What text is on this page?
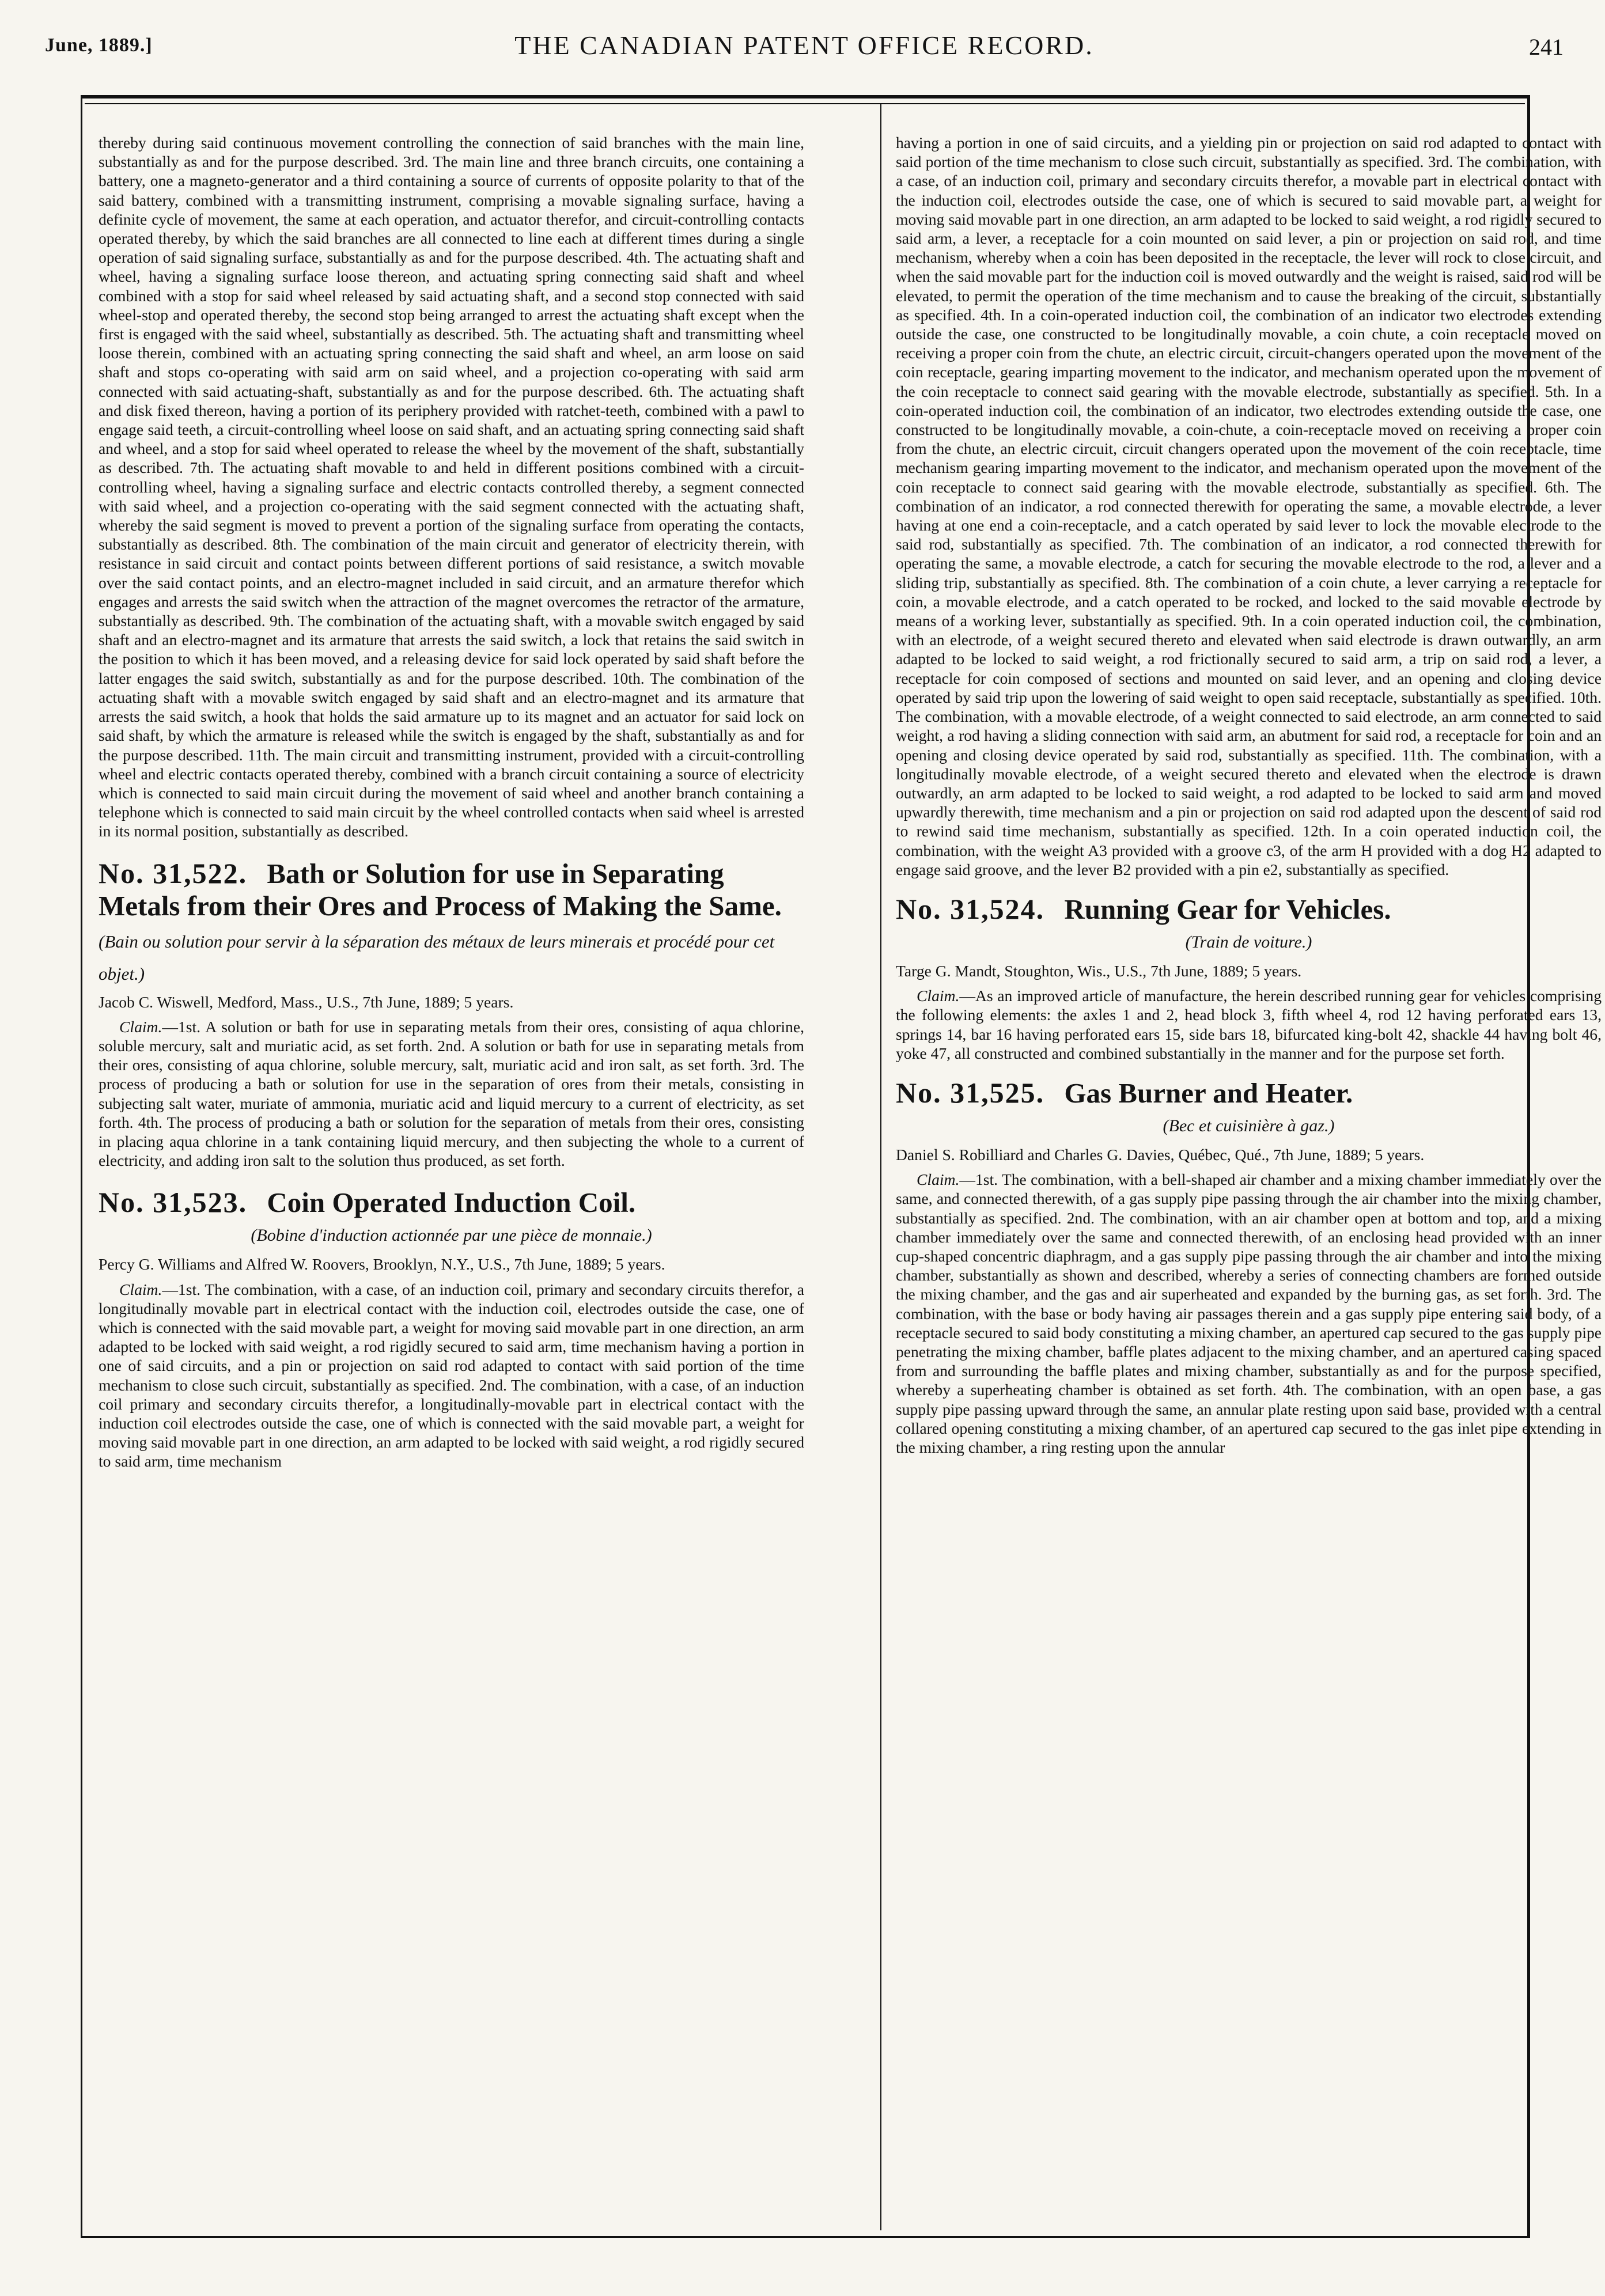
June, 1889.]	THE CANADIAN PATENT OFFICE RECORD.	241

thereby during said continuous movement controlling the connection of said branches with the main line, substantially as and for the purpose described. 3rd. The main line and three branch circuits, one containing a battery, one a magneto-generator and a third containing a source of currents of opposite polarity to that of the said battery, combined with a transmitting instrument, comprising a movable signaling surface, having a definite cycle of movement, the same at each operation, and actuator therefor, and circuit-controlling contacts operated thereby, by which the said branches are all connected to line each at different times during a single operation of said signaling surface, substantially as and for the purpose described. 4th. The actuating shaft and wheel, having a signaling surface loose thereon, and actuating spring connecting said shaft and wheel combined with a stop for said wheel released by said actuating shaft, and a second stop connected with said wheel-stop and operated thereby, the second stop being arranged to arrest the actuating shaft except when the first is engaged with the said wheel, substantially as described. 5th. The actuating shaft and transmitting wheel loose therein, combined with an actuating spring connecting the said shaft and wheel, an arm loose on said shaft and stops co-operating with said arm on said wheel, and a projection co-operating with said arm connected with said actuating-shaft, substantially as and for the purpose described. 6th. The actuating shaft and disk fixed thereon, having a portion of its periphery provided with ratchet-teeth, combined with a pawl to engage said teeth, a circuit-controlling wheel loose on said shaft, and an actuating spring connecting said shaft and wheel, and a stop for said wheel operated to release the wheel by the movement of the shaft, substantially as described. 7th. The actuating shaft movable to and held in different positions combined with a circuit-controlling wheel, having a signaling surface and electric contacts controlled thereby, a segment connected with said wheel, and a projection co-operating with the said segment connected with the actuating shaft, whereby the said segment is moved to prevent a portion of the signaling surface from operating the contacts, substantially as described. 8th. The combination of the main circuit and generator of electricity therein, with resistance in said circuit and contact points between different portions of said resistance, a switch movable over the said contact points, and an electro-magnet included in said circuit, and an armature therefor which engages and arrests the said switch when the attraction of the magnet overcomes the retractor of the armature, substantially as described. 9th. The combination of the actuating shaft, with a movable switch engaged by said shaft and an electro-magnet and its armature that arrests the said switch, a lock that retains the said switch in the position to which it has been moved, and a releasing device for said lock operated by said shaft before the latter engages the said switch, substantially as and for the purpose described. 10th. The combination of the actuating shaft with a movable switch engaged by said shaft and an electro-magnet and its armature that arrests the said switch, a hook that holds the said armature up to its magnet and an actuator for said lock on said shaft, by which the armature is released while the switch is engaged by the shaft, substantially as and for the purpose described. 11th. The main circuit and transmitting instrument, provided with a circuit-controlling wheel and electric contacts operated thereby, combined with a branch circuit containing a source of electricity which is connected to said main circuit during the movement of said wheel and another branch containing a telephone which is connected to said main circuit by the wheel controlled contacts when said wheel is arrested in its normal position, substantially as described.

No. 31,522. Bath or Solution for use in Separating Metals from their Ores and Process of Making the Same. (Bain ou solution pour servir à la séparation des métaux de leurs minerais et procédé pour cet objet.)

Jacob C. Wiswell, Medford, Mass., U.S., 7th June, 1889; 5 years.

Claim.—1st. A solution or bath for use in separating metals from their ores, consisting of aqua chlorine, soluble mercury, salt and muriatic acid, as set forth. 2nd. A solution or bath for use in separating metals from their ores, consisting of aqua chlorine, soluble mercury, salt, muriatic acid and iron salt, as set forth. 3rd. The process of producing a bath or solution for use in the separation of ores from their metals, consisting in subjecting salt water, muriate of ammonia, muriatic acid and liquid mercury to a current of electricity, as set forth. 4th. The process of producing a bath or solution for the separation of metals from their ores, consisting in placing aqua chlorine in a tank containing liquid mercury, and then subjecting the whole to a current of electricity, and adding iron salt to the solution thus produced, as set forth.

No. 31,523. Coin Operated Induction Coil.

(Bobine d'induction actionnée par une pièce de monnaie.)

Percy G. Williams and Alfred W. Roovers, Brooklyn, N.Y., U.S., 7th June, 1889; 5 years.

Claim.—1st. The combination, with a case, of an induction coil, primary and secondary circuits therefor, a longitudinally movable part in electrical contact with the induction coil, electrodes outside the case, one of which is connected with the said movable part, a weight for moving said movable part in one direction, an arm adapted to be locked with said weight, a rod rigidly secured to said arm, time mechanism having a portion in one of said circuits, and a pin or projection on said rod adapted to contact with said portion of the time mechanism to close such circuit, substantially as specified. 2nd. The combination, with a case, of an induction coil primary and secondary circuits therefor, a longitudinally-movable part in electrical contact with the induction coil electrodes outside the case, one of which is connected with the said movable part, a weight for moving said movable part in one direction, an arm adapted to be locked with said weight, a rod rigidly secured to said arm, time mechanism

having a portion in one of said circuits, and a yielding pin or projection on said rod adapted to contact with said portion of the time mechanism to close such circuit, substantially as specified. 3rd. The combination, with a case, of an induction coil, primary and secondary circuits therefor, a movable part in electrical contact with the induction coil, electrodes outside the case, one of which is secured to said movable part, a weight for moving said movable part in one direction, an arm adapted to be locked to said weight, a rod rigidly secured to said arm, a lever, a receptacle for a coin mounted on said lever, a pin or projection on said rod, and time mechanism, whereby when a coin has been deposited in the receptacle, the lever will rock to close circuit, and when the said movable part for the induction coil is moved outwardly and the weight is raised, said rod will be elevated, to permit the operation of the time mechanism and to cause the breaking of the circuit, substantially as specified. 4th. In a coin-operated induction coil, the combination of an indicator two electrodes extending outside the case, one constructed to be longitudinally movable, a coin chute, a coin receptacle moved on receiving a proper coin from the chute, an electric circuit, circuit-changers operated upon the movement of the coin receptacle, gearing imparting movement to the indicator, and mechanism operated upon the movement of the coin receptacle to connect said gearing with the movable electrode, substantially as specified. 5th. In a coin-operated induction coil, the combination of an indicator, two electrodes extending outside the case, one constructed to be longitudinally movable, a coin-chute, a coin-receptacle moved on receiving a proper coin from the chute, an electric circuit, circuit changers operated upon the movement of the coin receptacle, time mechanism gearing imparting movement to the indicator, and mechanism operated upon the movement of the coin receptacle to connect said gearing with the movable electrode, substantially as specified. 6th. The combination of an indicator, a rod connected therewith for operating the same, a movable electrode, a lever having at one end a coin-receptacle, and a catch operated by said lever to lock the movable electrode to the said rod, substantially as specified. 7th. The combination of an indicator, a rod connected therewith for operating the same, a movable electrode, a catch for securing the movable electrode to the rod, a lever and a sliding trip, substantially as specified. 8th. The combination of a coin chute, a lever carrying a receptacle for coin, a movable electrode, and a catch operated to be rocked, and locked to the said movable electrode by means of a working lever, substantially as specified. 9th. In a coin operated induction coil, the combination, with an electrode, of a weight secured thereto and elevated when said electrode is drawn outwardly, an arm adapted to be locked to said weight, a rod frictionally secured to said arm, a trip on said rod, a lever, a receptacle for coin composed of sections and mounted on said lever, and an opening and closing device operated by said trip upon the lowering of said weight to open said receptacle, substantially as specified. 10th. The combination, with a movable electrode, of a weight connected to said electrode, an arm connected to said weight, a rod having a sliding connection with said arm, an abutment for said rod, a receptacle for coin and an opening and closing device operated by said rod, substantially as specified. 11th. The combination, with a longitudinally movable electrode, of a weight secured thereto and elevated when the electrode is drawn outwardly, an arm adapted to be locked to said weight, a rod adapted to be locked to said arm and moved upwardly therewith, time mechanism and a pin or projection on said rod adapted upon the descent of said rod to rewind said time mechanism, substantially as specified. 12th. In a coin operated induction coil, the combination, with the weight A3 provided with a groove c3, of the arm H provided with a dog H2 adapted to engage said groove, and the lever B2 provided with a pin e2, substantially as specified.

No. 31,524. Running Gear for Vehicles.

(Train de voiture.)

Targe G. Mandt, Stoughton, Wis., U.S., 7th June, 1889; 5 years.

Claim.—As an improved article of manufacture, the herein described running gear for vehicles comprising the following elements: the axles 1 and 2, head block 3, fifth wheel 4, rod 12 having perforated ears 13, springs 14, bar 16 having perforated ears 15, side bars 18, bifurcated king-bolt 42, shackle 44 having bolt 46, yoke 47, all constructed and combined substantially in the manner and for the purpose set forth.

No. 31,525. Gas Burner and Heater.

(Bec et cuisinière à gaz.)

Daniel S. Robilliard and Charles G. Davies, Québec, Qué., 7th June, 1889; 5 years.

Claim.—1st. The combination, with a bell-shaped air chamber and a mixing chamber immediately over the same, and connected therewith, of a gas supply pipe passing through the air chamber into the mixing chamber, substantially as specified. 2nd. The combination, with an air chamber open at bottom and top, and a mixing chamber immediately over the same and connected therewith, of an enclosing head provided with an inner cup-shaped concentric diaphragm, and a gas supply pipe passing through the air chamber and into the mixing chamber, substantially as shown and described, whereby a series of connecting chambers are formed outside the mixing chamber, and the gas and air superheated and expanded by the burning gas, as set forth. 3rd. The combination, with the base or body having air passages therein and a gas supply pipe entering said body, of a receptacle secured to said body constituting a mixing chamber, an apertured cap secured to the gas supply pipe penetrating the mixing chamber, baffle plates adjacent to the mixing chamber, and an apertured casing spaced from and surrounding the baffle plates and mixing chamber, substantially as and for the purpose specified, whereby a superheating chamber is obtained as set forth. 4th. The combination, with an open base, a gas supply pipe passing upward through the same, an annular plate resting upon said base, provided with a central collared opening constituting a mixing chamber, of an apertured cap secured to the gas inlet pipe extending in the mixing chamber, a ring resting upon the annular
